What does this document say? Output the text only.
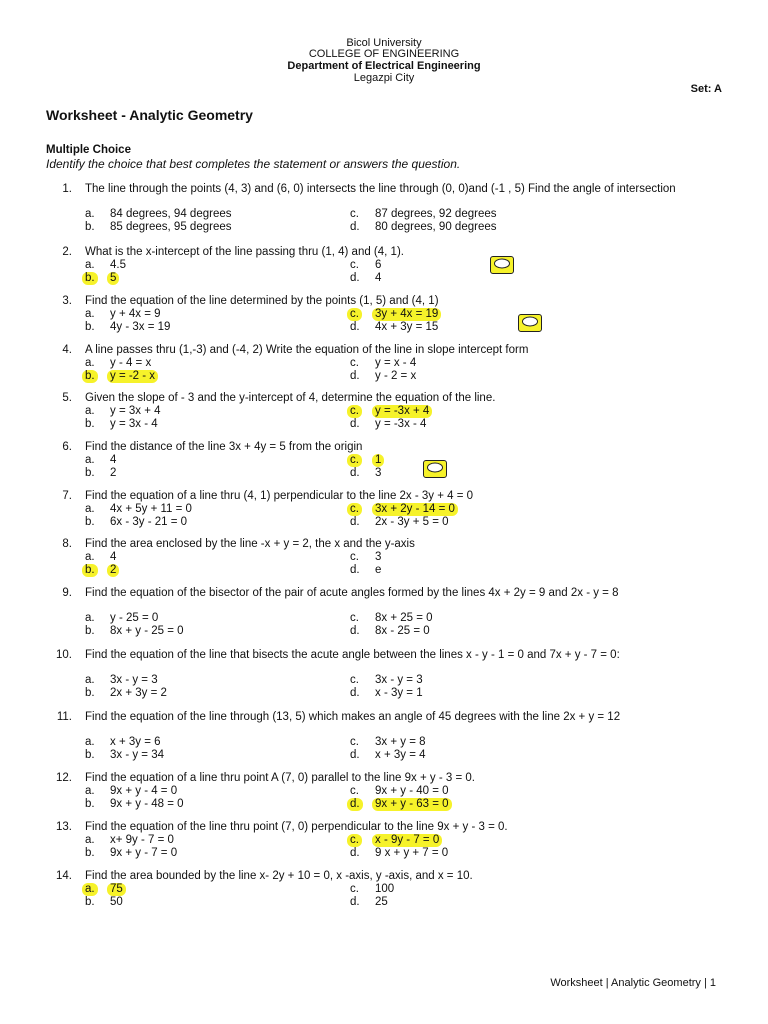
Bicol University
COLLEGE OF ENGINEERING
Department of Electrical Engineering
Legazpi City
Set: A
Worksheet - Analytic Geometry
Multiple Choice
Identify the choice that best completes the statement or answers the question.
1. The line through the points (4, 3) and (6, 0) intersects the line through (0, 0)and (-1 , 5) Find the angle of intersection
a. 84 degrees, 94 degrees
b. 85 degrees, 95 degrees
c. 87 degrees, 92 degrees
d. 80 degrees, 90 degrees
2. What is the x-intercept of the line passing thru (1, 4) and (4, 1).
a. 4.5
b. 5
c. 6
d. 4
3. Find the equation of the line determined by the points (1, 5) and (4, 1)
a. y + 4x = 9
b. 4y - 3x = 19
c. 3y + 4x = 19
d. 4x + 3y = 15
4. A line passes thru (1,-3) and (-4, 2) Write the equation of the line in slope intercept form
a. y - 4 = x
b. y = -2 - x
c. y = x - 4
d. y - 2 = x
5. Given the slope of - 3 and the y-intercept of 4, determine the equation of the line.
a. y = 3x + 4
b. y = 3x - 4
c. y = -3x + 4
d. y = -3x - 4
6. Find the distance of the line 3x + 4y = 5 from the origin
a. 4
b. 2
c. 1
d. 3
7. Find the equation of a line thru (4, 1) perpendicular to the line 2x - 3y + 4 = 0
a. 4x + 5y + 11 = 0
b. 6x - 3y - 21 = 0
c. 3x + 2y - 14 = 0
d. 2x - 3y + 5 = 0
8. Find the area enclosed by the line -x + y = 2, the x and the y-axis
a. 4
b. 2
c. 3
d. e
9. Find the equation of the bisector of the pair of acute angles formed by the lines 4x + 2y = 9 and 2x - y = 8
a. y - 25 = 0
b. 8x + y - 25 = 0
c. 8x + 25 = 0
d. 8x - 25 = 0
10. Find the equation of the line that bisects the acute angle between the lines x - y - 1 = 0 and 7x + y - 7 = 0:
a. 3x - y = 3
b. 2x + 3y = 2
c. 3x - y = 3
d. x - 3y = 1
11. Find the equation of the line through (13, 5) which makes an angle of 45 degrees with the line 2x + y = 12
a. x + 3y = 6
b. 3x - y = 34
c. 3x + y = 8
d. x + 3y = 4
12. Find the equation of a line thru point A (7, 0) parallel to the line 9x + y - 3 = 0.
a. 9x + y - 4 = 0
b. 9x + y - 48 = 0
c. 9x + y - 40 = 0
d. 9x + y - 63 = 0
13. Find the equation of the line thru point (7, 0) perpendicular to the line 9x + y - 3 = 0.
a. x+ 9y - 7 = 0
b. 9x + y - 7 = 0
c. x - 9y - 7 = 0
d. 9 x + y + 7 = 0
14. Find the area bounded by the line x- 2y + 10 = 0, x -axis, y -axis, and x = 10.
a. 75
b. 50
c. 100
d. 25
Worksheet | Analytic Geometry | 1
